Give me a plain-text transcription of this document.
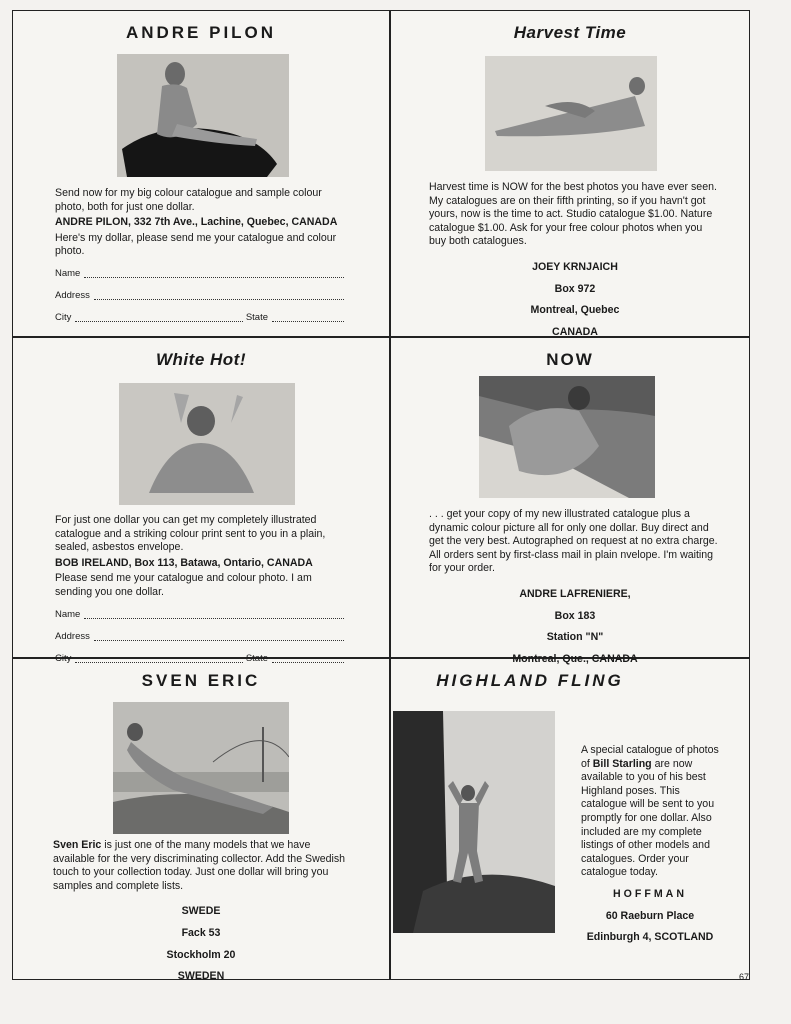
ANDRE PILON
Send now for my big colour catalogue and sample colour photo, both for just one dollar.
ANDRE PILON, 332 7th Ave., Lachine, Quebec, CANADA
Here's my dollar, please send me your catalogue and colour photo.
Name
Address
City	State
Harvest Time
Harvest time is NOW for the best photos you have ever seen. My catalogues are on their fifth printing, so if you havn't got yours, now is the time to act. Studio catalogue $1.00. Nature catalogue $1.00. Ask for your free colour photos when you buy both catalogues.
JOEY KRNJAICH
Box 972
Montreal, Quebec
CANADA
White Hot!
For just one dollar you can get my completely illustrated catalogue and a striking colour print sent to you in a plain, sealed, asbestos envelope.
BOB IRELAND, Box 113, Batawa, Ontario, CANADA
Please send me your catalogue and colour photo. I am sending you one dollar.
Name
Address
City	State
NOW
. . . get your copy of my new illustrated catalogue plus a dynamic colour picture all for only one dollar. Buy direct and get the very best. Autographed on request at no extra charge. All orders sent by first-class mail in plain nvelope. I'm waiting for your order.
ANDRE LAFRENIERE,
Box 183
Station "N"
Montreal, Que., CANADA
SVEN ERIC
Sven Eric is just one of the many models that we have available for the very discriminating collector. Add the Swedish touch to your collection today. Just one dollar will bring you samples and complete lists.
SWEDE
Fack 53
Stockholm 20
SWEDEN
HIGHLAND FLING
A special catalogue of photos of Bill Starling are now available to you of his best Highland poses. This catalogue will be sent to you promptly for one dollar. Also included are my complete listings of other models and catalogues. Order your catalogue today.
HOFFMAN
60 Raeburn Place
Edinburgh 4, SCOTLAND
67
